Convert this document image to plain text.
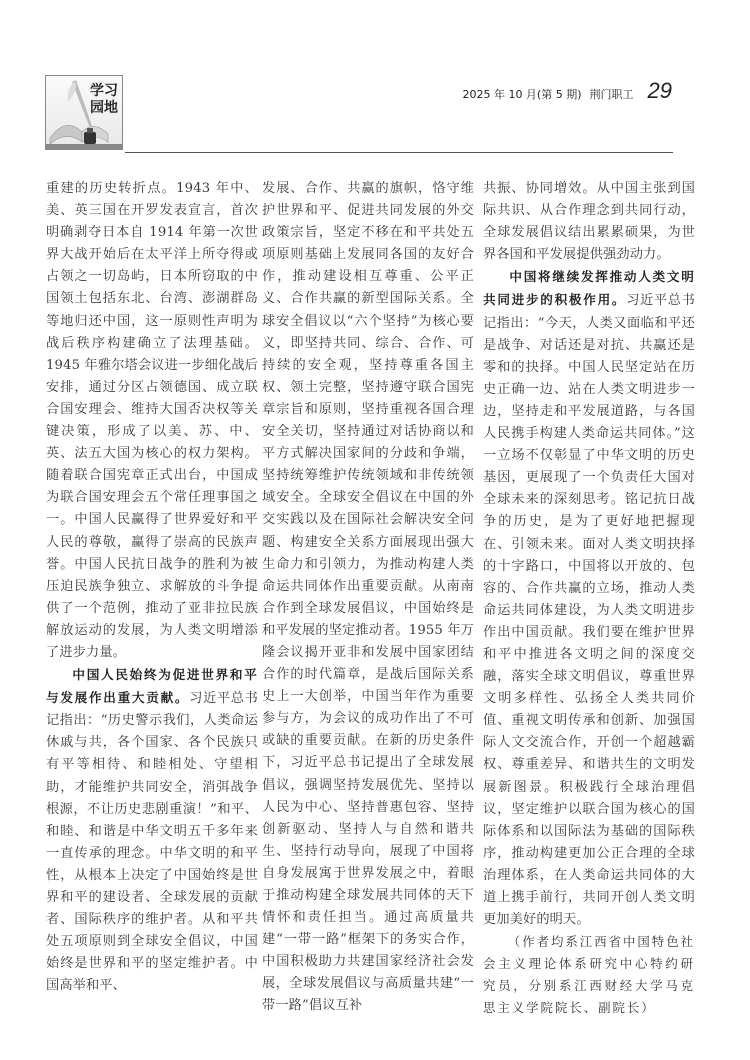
学习
园地
2025 年 10 月(第 5 期) 荆门职工 29

重建的历史转折点。1943 年中、美、英三国在开罗发表宣言，首次明确剥夺日本自 1914 年第一次世界大战开始后在太平洋上所夺得或占领之一切岛屿，日本所窃取的中国领土包括东北、台湾、澎湖群岛等地归还中国，这一原则性声明为战后秩序构建确立了法理基础。1945 年雅尔塔会议进一步细化战后安排，通过分区占领德国、成立联合国安理会、维持大国否决权等关键决策，形成了以美、苏、中、英、法五大国为核心的权力架构。随着联合国宪章正式出台，中国成为联合国安理会五个常任理事国之一。中国人民赢得了世界爱好和平人民的尊敬，赢得了崇高的民族声誉。中国人民抗日战争的胜利为被压迫民族争独立、求解放的斗争提供了一个范例，推动了亚非拉民族解放运动的发展，为人类文明增添了进步力量。

中国人民始终为促进世界和平与发展作出重大贡献。习近平总书记指出：“历史警示我们，人类命运休戚与共，各个国家、各个民族只有平等相待、和睦相处、守望相助，才能维护共同安全，消弭战争根源，不让历史悲剧重演！”和平、和睦、和谐是中华文明五千多年来一直传承的理念。中华文明的和平性，从根本上决定了中国始终是世界和平的建设者、全球发展的贡献者、国际秩序的维护者。从和平共处五项原则到全球安全倡议，中国始终是世界和平的坚定维护者。中国高举和平、

发展、合作、共赢的旗帜，恪守维护世界和平、促进共同发展的外交政策宗旨，坚定不移在和平共处五项原则基础上发展同各国的友好合作，推动建设相互尊重、公平正义、合作共赢的新型国际关系。全球安全倡议以“六个坚持”为核心要义，即坚持共同、综合、合作、可持续的安全观，坚持尊重各国主权、领土完整，坚持遵守联合国宪章宗旨和原则，坚持重视各国合理安全关切，坚持通过对话协商以和平方式解决国家间的分歧和争端，坚持统筹维护传统领域和非传统领域安全。全球安全倡议在中国的外交实践以及在国际社会解决安全问题、构建安全关系方面展现出强大生命力和引领力，为推动构建人类命运共同体作出重要贡献。从南南合作到全球发展倡议，中国始终是和平发展的坚定推动者。1955 年万隆会议揭开亚非和发展中国家团结合作的时代篇章，是战后国际关系史上一大创举，中国当年作为重要参与方，为会议的成功作出了不可或缺的重要贡献。在新的历史条件下，习近平总书记提出了全球发展倡议，强调坚持发展优先、坚持以人民为中心、坚持普惠包容、坚持创新驱动、坚持人与自然和谐共生、坚持行动导向，展现了中国将自身发展寓于世界发展之中，着眼于推动构建全球发展共同体的天下情怀和责任担当。通过高质量共建“一带一路”框架下的务实合作，中国积极助力共建国家经济社会发展，全球发展倡议与高质量共建“一带一路”倡议互补

共振、协同增效。从中国主张到国际共识、从合作理念到共同行动，全球发展倡议结出累累硕果，为世界各国和平发展提供强劲动力。

中国将继续发挥推动人类文明共同进步的积极作用。习近平总书记指出：“今天，人类又面临和平还是战争、对话还是对抗、共赢还是零和的抉择。中国人民坚定站在历史正确一边、站在人类文明进步一边，坚持走和平发展道路，与各国人民携手构建人类命运共同体。”这一立场不仅彰显了中华文明的历史基因，更展现了一个负责任大国对全球未来的深刻思考。铭记抗日战争的历史，是为了更好地把握现在、引领未来。面对人类文明抉择的十字路口，中国将以开放的、包容的、合作共赢的立场，推动人类命运共同体建设，为人类文明进步作出中国贡献。我们要在维护世界和平中推进各文明之间的深度交融，落实全球文明倡议，尊重世界文明多样性、弘扬全人类共同价值、重视文明传承和创新、加强国际人文交流合作，开创一个超越霸权、尊重差异、和谐共生的文明发展新图景。积极践行全球治理倡议，坚定维护以联合国为核心的国际体系和以国际法为基础的国际秩序，推动构建更加公正合理的全球治理体系，在人类命运共同体的大道上携手前行，共同开创人类文明更加美好的明天。

（作者均系江西省中国特色社会主义理论体系研究中心特约研究员，分别系江西财经大学马克思主义学院院长、副院长）
